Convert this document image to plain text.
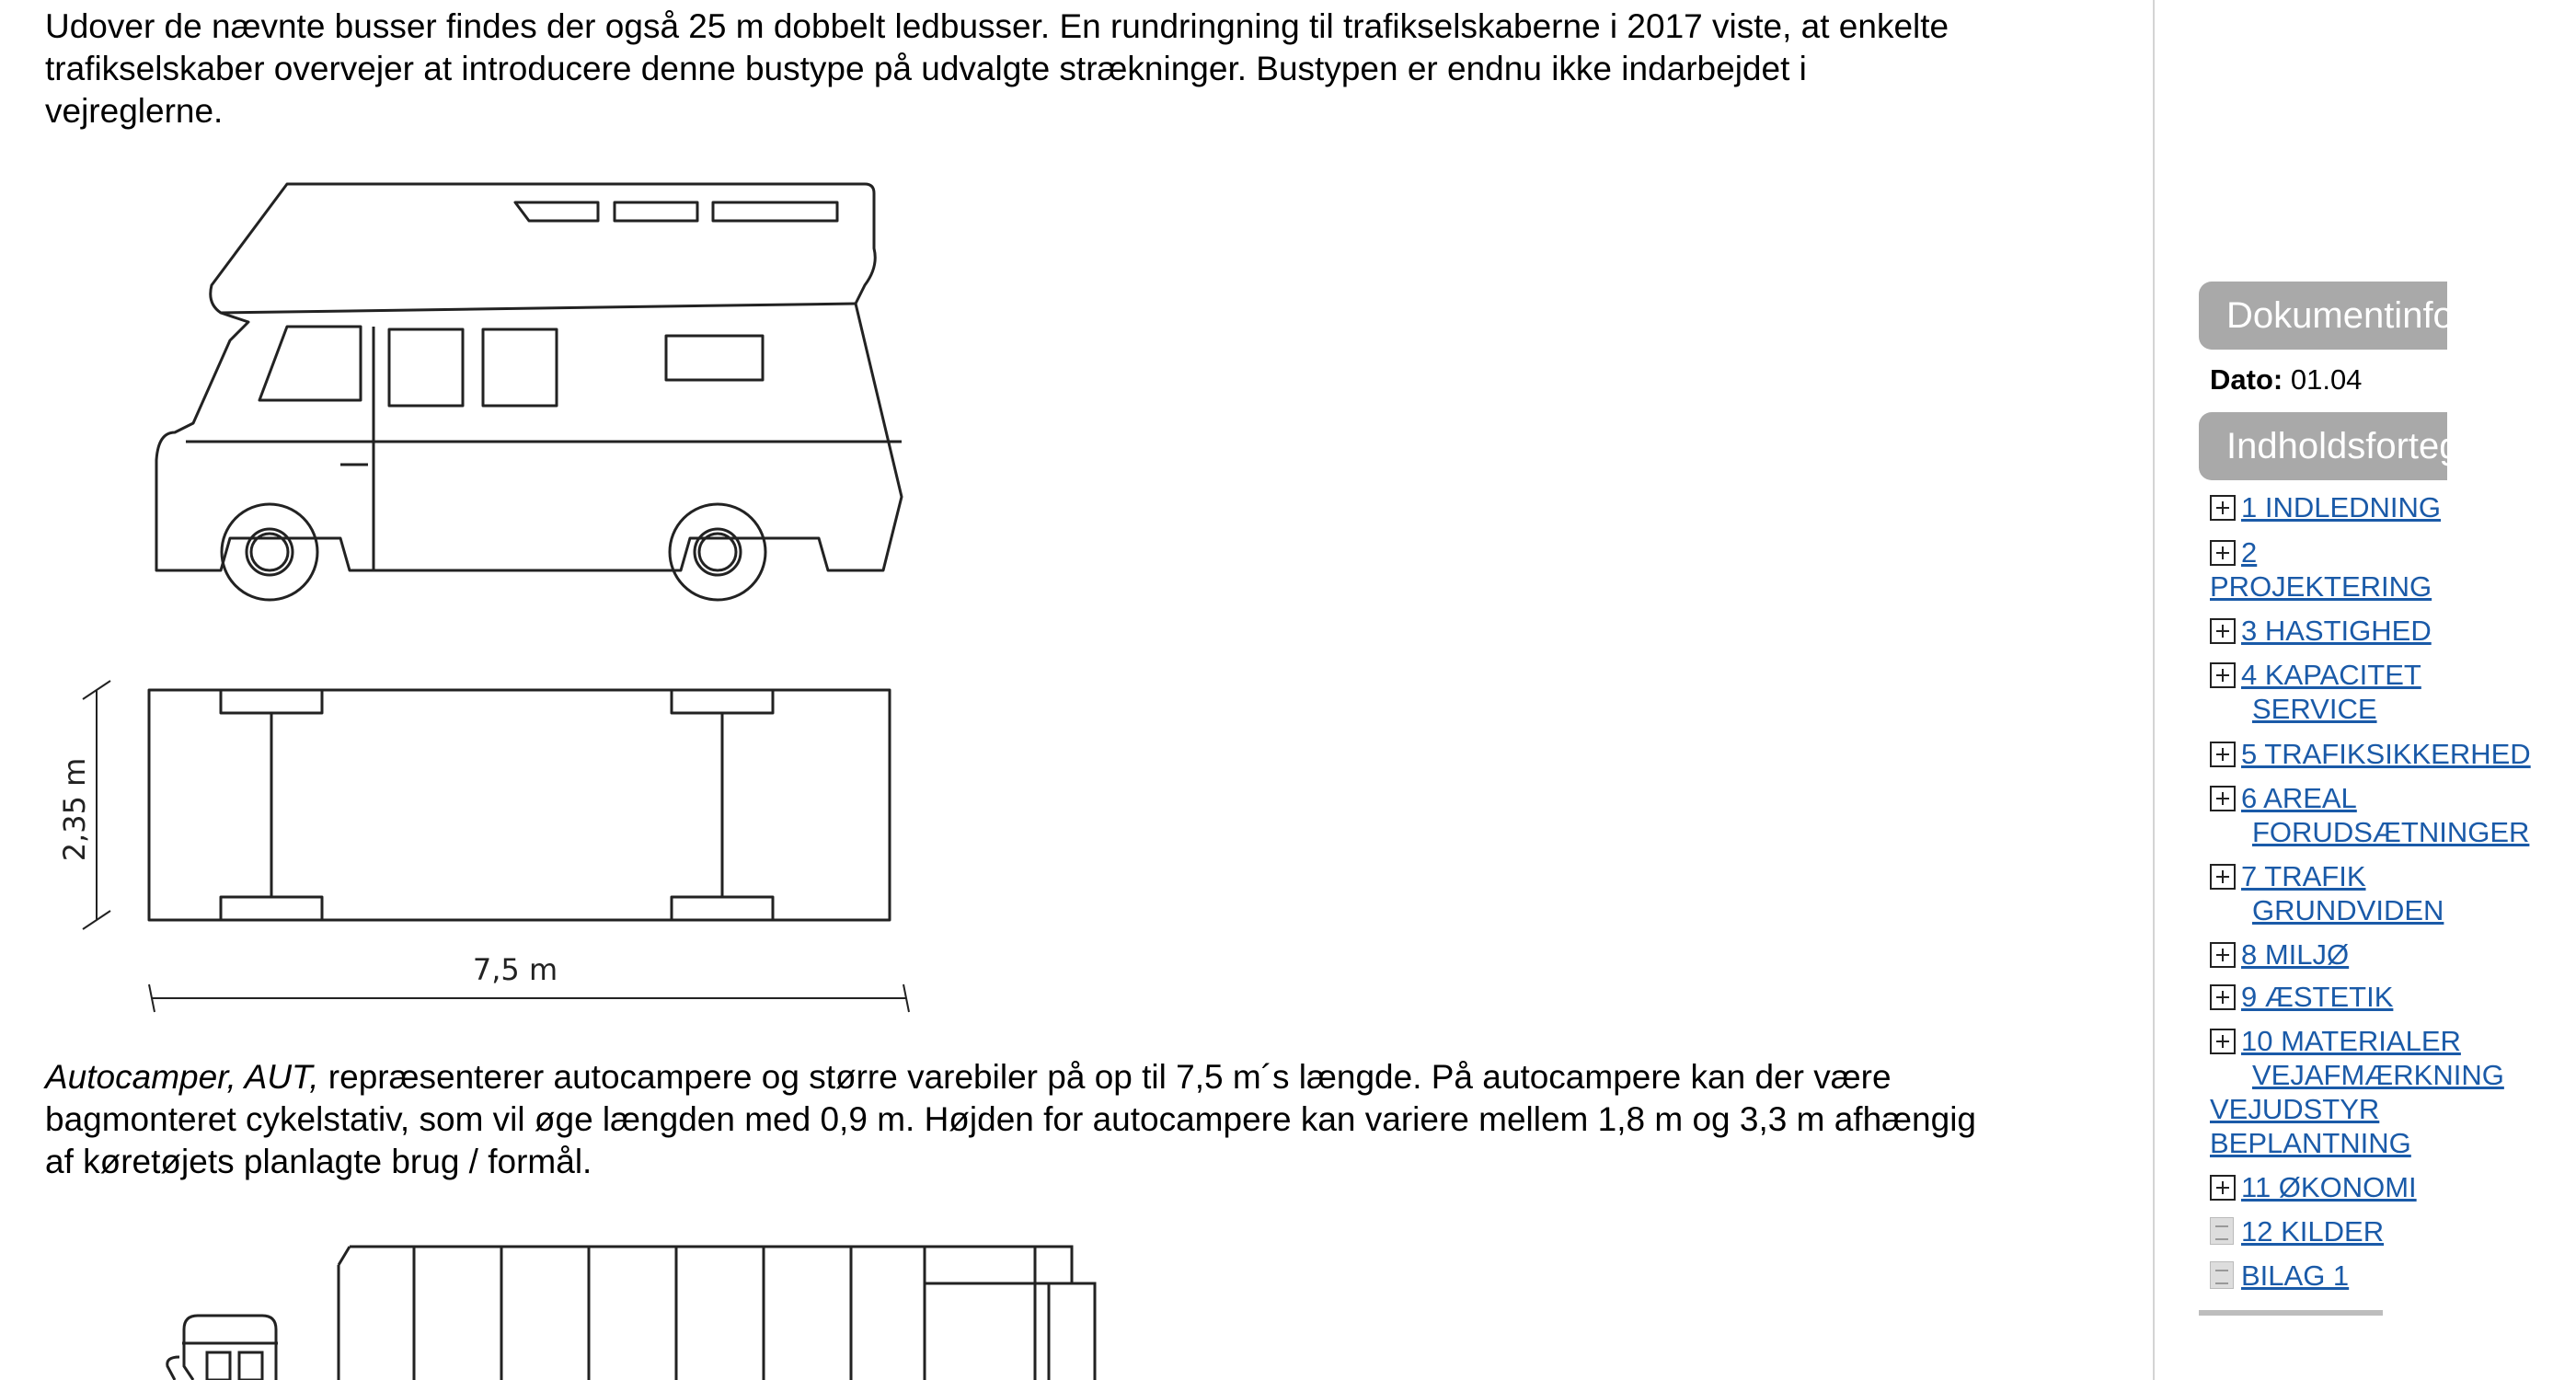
Udover de nævnte busser findes der også 25 m dobbelt ledbusser. En rundringning til trafikselskaberne i 2017 viste, at enkelte
trafikselskaber overvejer at introducere denne bustype på udvalgte strækninger. Bustypen er endnu ikke indarbejdet i
vejreglerne.

2,35 m
7,5 m

Autocamper, AUT, repræsenterer autocampere og større varebiler på op til 7,5 m´s længde. På autocampere kan der være
bagmonteret cykelstativ, som vil øge længden med 0,9 m. Højden for autocampere kan variere mellem 1,8 m og 3,3 m afhængig
af køretøjets planlagte brug / formål.

Dokumentinformation
Dato: 01.04
Indholdsfortegnelse
1 INDLEDNING
2
PROJEKTERING
3 HASTIGHED
4 KAPACITET
SERVICE
5 TRAFIKSIKKERHED
6 AREAL
FORUDSÆTNINGER
7 TRAFIK
GRUNDVIDEN
8 MILJØ
9 ÆSTETIK
10 MATERIALER
VEJAFMÆRKNING
VEJUDSTYR
BEPLANTNING
11 ØKONOMI
12 KILDER
BILAG 1
